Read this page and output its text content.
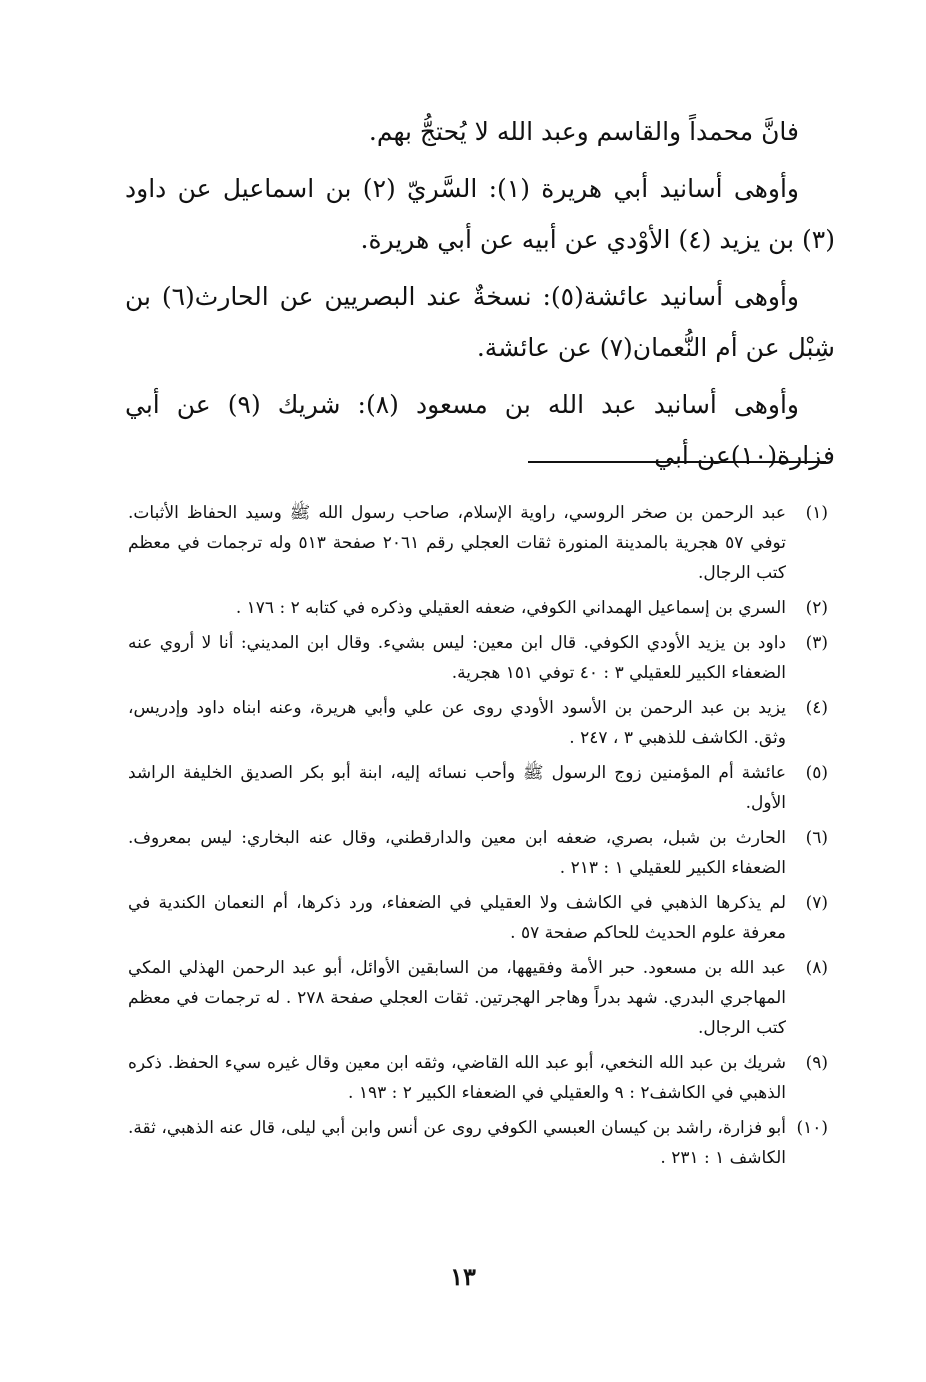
فانَّ محمداً والقاسم وعبد الله لا يُحتجُّ بهم.

وأوهى أسانيد أبي هريرة (١): السَّريّ (٢) بن اسماعيل عن داود (٣) بن يزيد (٤) الأوْدي عن أبيه عن أبي هريرة.

وأوهى أسانيد عائشة(٥): نسخةٌ عند البصريين عن الحارث(٦) بن شِبْل عن أم النُّعمان(٧) عن عائشة.

وأوهى أسانيد عبد الله بن مسعود (٨): شريك (٩) عن أبي فزارة(١٠)عن أبي

(١)
عبد الرحمن بن صخر الروسي، راوية الإسلام، صاحب رسول الله ﷺ وسيد الحفاظ الأثبات. توفي ٥٧ هجرية بالمدينة المنورة ثقات العجلي رقم ٢٠٦١ صفحة ٥١٣ وله ترجمات في معظم كتب الرجال.
(٢)
السري بن إسماعيل الهمداني الكوفي، ضعفه العقيلي وذكره في كتابه ٢ : ١٧٦ .
(٣)
داود بن يزيد الأودي الكوفي. قال ابن معين: ليس بشيء. وقال ابن المديني: أنا لا أروي عنه الضعفاء الكبير للعقيلي ٣ : ٤٠ توفي ١٥١ هجرية.
(٤)
يزيد بن عبد الرحمن بن الأسود الأودي روى عن علي وأبي هريرة، وعنه ابناه داود وإدريس، وثق. الكاشف للذهبي ٣ ، ٢٤٧ .
(٥)
عائشة أم المؤمنين زوج الرسول ﷺ وأحب نسائه إليه، ابنة أبو بكر الصديق الخليفة الراشد الأول.
(٦)
الحارث بن شبل، بصري، ضعفه ابن معين والدارقطني، وقال عنه البخاري: ليس بمعروف. الضعفاء الكبير للعقيلي ١ : ٢١٣ .
(٧)
لم يذكرها الذهبي في الكاشف ولا العقيلي في الضعفاء، ورد ذكرها، أم النعمان الكندية في معرفة علوم الحديث للحاكم صفحة ٥٧ .
(٨)
عبد الله بن مسعود. حبر الأمة وفقيهها، من السابقين الأوائل، أبو عبد الرحمن الهذلي المكي المهاجري البدري. شهد بدراً وهاجر الهجرتين. ثقات العجلي صفحة ٢٧٨ . له ترجمات في معظم كتب الرجال.
(٩)
شريك بن عبد الله النخعي، أبو عبد الله القاضي، وثقه ابن معين وقال غيره سيء الحفظ. ذكره الذهبي في الكاشف٢ : ٩ والعقيلي في الضعفاء الكبير ٢ : ١٩٣ .
(١٠)
أبو فزارة، راشد بن كيسان العبسي الكوفي روى عن أنس وابن أبي ليلى، قال عنه الذهبي، ثقة. الكاشف ١ : ٢٣١ .
١٣
